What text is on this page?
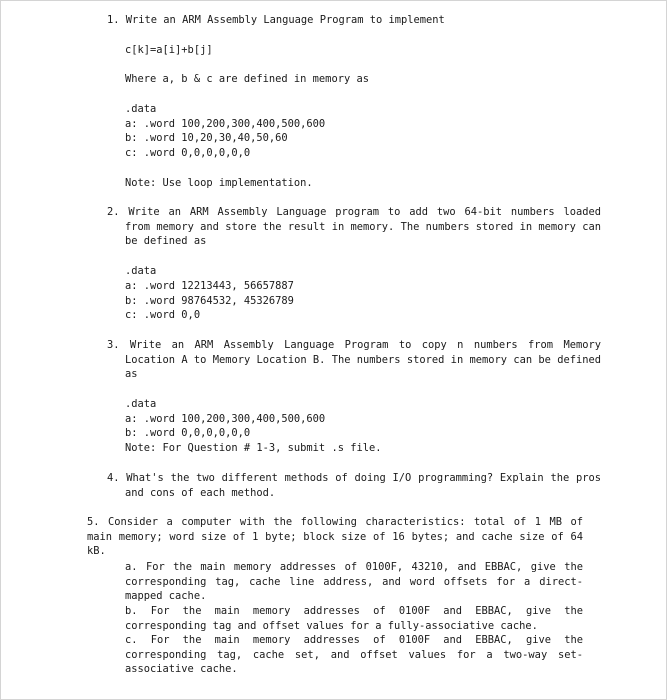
1. Write an ARM Assembly Language Program to implement
c[k]=a[i]+b[j]
Where a, b & c are defined in memory as
.data
a: .word 100,200,300,400,500,600
b: .word 10,20,30,40,50,60
c: .word 0,0,0,0,0,0
Note: Use loop implementation.
2. Write an ARM Assembly Language program to add two 64-bit numbers loaded from memory and store the result in memory. The numbers stored in memory can be defined as
.data
a: .word 12213443, 56657887
b: .word 98764532, 45326789
c: .word 0,0
3. Write an ARM Assembly Language Program to copy n numbers from Memory Location A to Memory Location B. The numbers stored in memory can be defined as
.data
a: .word 100,200,300,400,500,600
b: .word 0,0,0,0,0,0
Note: For Question # 1-3, submit .s file.
4. What's the two different methods of doing I/O programming? Explain the pros and cons of each method.
5. Consider a computer with the following characteristics: total of 1 MB of main memory; word size of 1 byte; block size of 16 bytes; and cache size of 64 kB.
a. For the main memory addresses of 0100F, 43210, and EBBAC, give the corresponding tag, cache line address, and word offsets for a direct-mapped cache.
b. For the main memory addresses of 0100F and EBBAC, give the corresponding tag and offset values for a fully-associative cache.
c. For the main memory addresses of 0100F and EBBAC, give the corresponding tag, cache set, and offset values for a two-way set-associative cache.
